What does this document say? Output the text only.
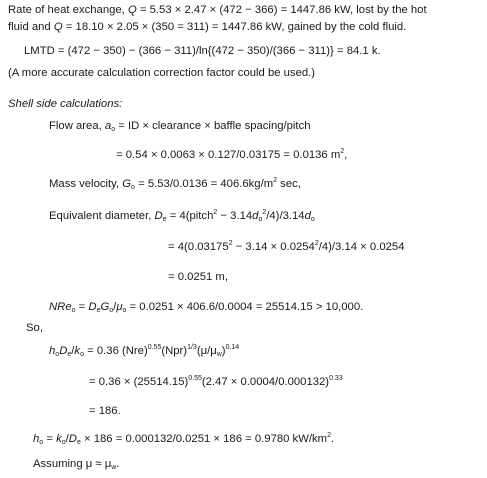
Rate of heat exchange, Q = 5.53 × 2.47 × (472 − 366) = 1447.86 kW, lost by the hot
fluid and Q = 18.10 × 2.05 × (350 = 311) = 1447.86 kW, gained by the cold fluid.
LMTD = (472 − 350) − (366 − 311)/ln{(472 − 350)/(366 − 311)} = 84.1 k.
(A more accurate calculation correction factor could be used.)
Shell side calculations:
Flow area, $a_o$ = ID × clearance × baffle spacing/pitch
= 0.54 × 0.0063 × 0.127/0.03175 = 0.0136 $m^2$,
Mass velocity, $G_o = 5.53/0.0136 = 406.6kg/m^2$ sec,
Equivalent diameter, $D_e$ = 4(pitch$^2$ − $3.14d_o^2/4)/3.14d_o$
= $4(0.03175^2 - 3.14 \times 0.0254^2/4)/3.14 \times 0.0254$
= 0.0251 m,
$NRe_o = D_eG_o/\mu_o = 0.0251 \times 406.6/0.0004 = 25514.15 > 10,000$.
So,
$h_oD_e/k_o = 0.36$ $(Nre)^{0.55}(Npr)^{1/3}(\mu/\mu_w)^{0.14}$
= $0.36 \times (25514.15)^{0.55}(2.47 \times 0.0004/0.000132)^{0.33}$
= 186.
$h_o = k_o/D_e \times 186 = 0.000132/0.0251 \times 186 = 0.9780$ $kW/km^2$.
Assuming $\mu \approx \mu_w$.
